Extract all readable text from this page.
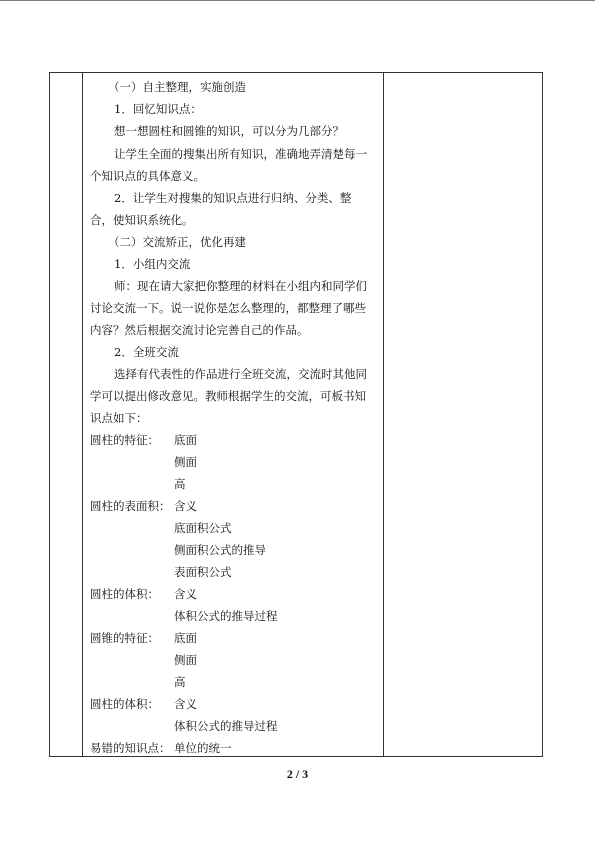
（一）自主整理，实施创造
1．回忆知识点：
想一想圆柱和圆锥的知识，可以分为几部分？
让学生全面的搜集出所有知识，准确地弄清楚每一
个知识点的具体意义。
2．让学生对搜集的知识点进行归纳、分类、整
合，使知识系统化。
（二）交流矫正，优化再建
1．小组内交流
师：现在请大家把你整理的材料在小组内和同学们
讨论交流一下。说一说你是怎么整理的，都整理了哪些
内容？然后根据交流讨论完善自己的作品。
2．全班交流
选择有代表性的作品进行全班交流，交流时其他同
学可以提出修改意见。教师根据学生的交流，可板书知
识点如下：
圆柱的特征： 底面
侧面
高
圆柱的表面积： 含义
底面积公式
侧面积公式的推导
表面积公式
圆柱的体积： 含义
体积公式的推导过程
圆锥的特征： 底面
侧面
高
圆柱的体积： 含义
体积公式的推导过程
易错的知识点： 单位的统一
2 / 3
